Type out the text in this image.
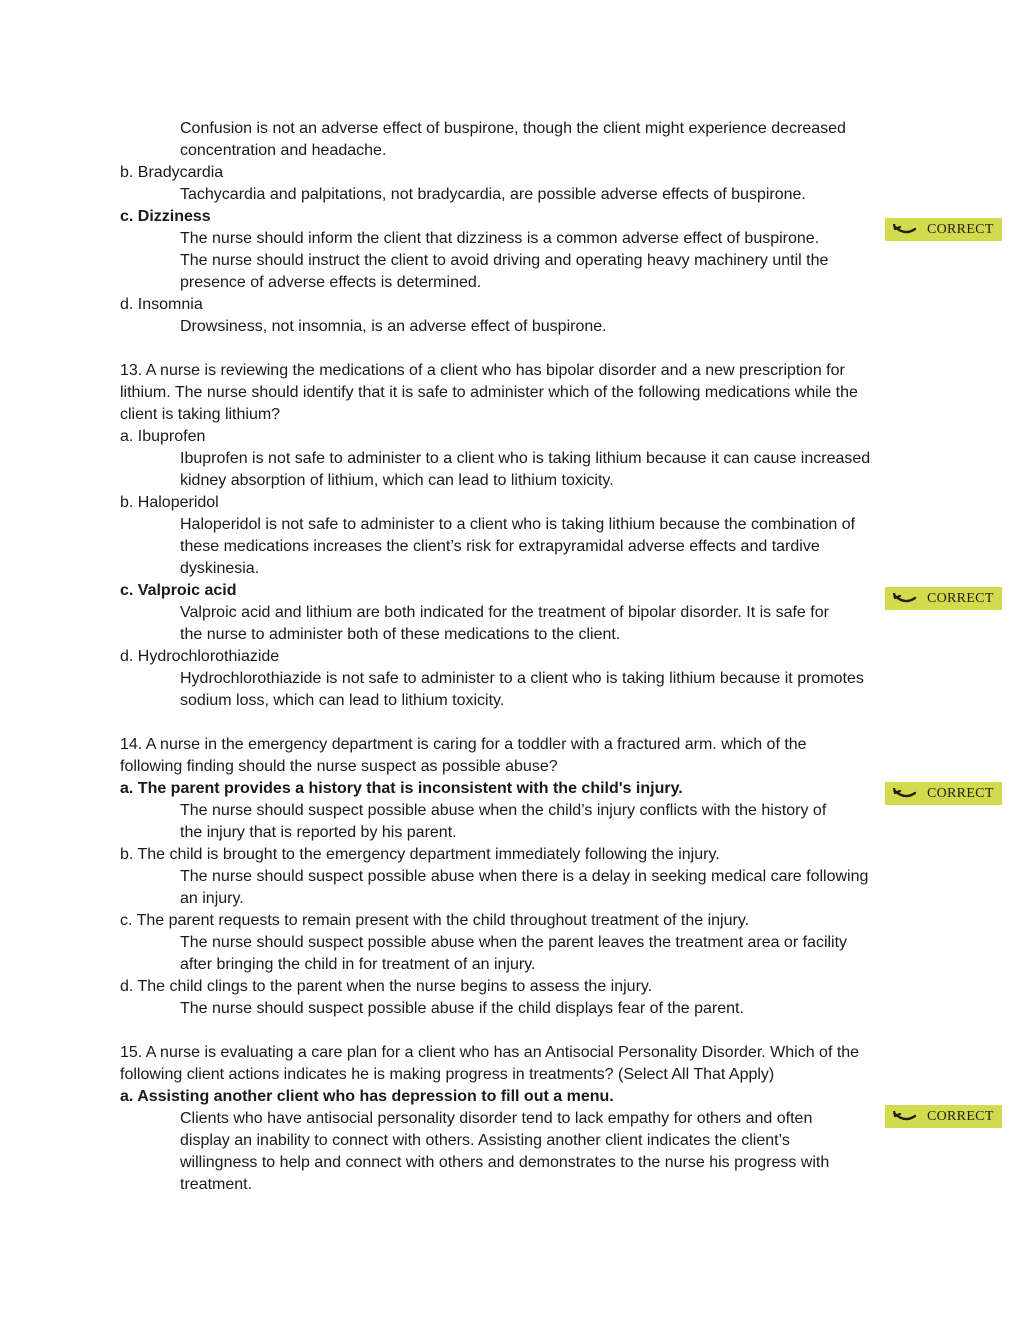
Confusion is not an adverse effect of buspirone, though the client might experience decreased
concentration and headache.
b. Bradycardia
Tachycardia and palpitations, not bradycardia, are possible adverse effects of buspirone.
c. Dizziness
The nurse should inform the client that dizziness is a common adverse effect of buspirone.
The nurse should instruct the client to avoid driving and operating heavy machinery until the
presence of adverse effects is determined.
d. Insomnia
Drowsiness, not insomnia, is an adverse effect of buspirone.
13. A nurse is reviewing the medications of a client who has bipolar disorder and a new prescription for
lithium. The nurse should identify that it is safe to administer which of the following medications while the
client is taking lithium?
a. Ibuprofen
Ibuprofen is not safe to administer to a client who is taking lithium because it can cause increased
kidney absorption of lithium, which can lead to lithium toxicity.
b. Haloperidol
Haloperidol is not safe to administer to a client who is taking lithium because the combination of
these medications increases the client’s risk for extrapyramidal adverse effects and tardive
dyskinesia.
c. Valproic acid
Valproic acid and lithium are both indicated for the treatment of bipolar disorder. It is safe for
the nurse to administer both of these medications to the client.
d. Hydrochlorothiazide
Hydrochlorothiazide is not safe to administer to a client who is taking lithium because it promotes
sodium loss, which can lead to lithium toxicity.
14. A nurse in the emergency department is caring for a toddler with a fractured arm. which of the
following finding should the nurse suspect as possible abuse?
a. The parent provides a history that is inconsistent with the child's injury.
The nurse should suspect possible abuse when the child’s injury conflicts with the history of
the injury that is reported by his parent.
b. The child is brought to the emergency department immediately following the injury.
The nurse should suspect possible abuse when there is a delay in seeking medical care following
an injury.
c. The parent requests to remain present with the child throughout treatment of the injury.
The nurse should suspect possible abuse when the parent leaves the treatment area or facility
after bringing the child in for treatment of an injury.
d. The child clings to the parent when the nurse begins to assess the injury.
The nurse should suspect possible abuse if the child displays fear of the parent.
15. A nurse is evaluating a care plan for a client who has an Antisocial Personality Disorder. Which of the
following client actions indicates he is making progress in treatments? (Select All That Apply)
a. Assisting another client who has depression to fill out a menu.
Clients who have antisocial personality disorder tend to lack empathy for others and often
display an inability to connect with others. Assisting another client indicates the client’s
willingness to help and connect with others and demonstrates to the nurse his progress with
treatment.
CORRECT
CORRECT
CORRECT
CORRECT
